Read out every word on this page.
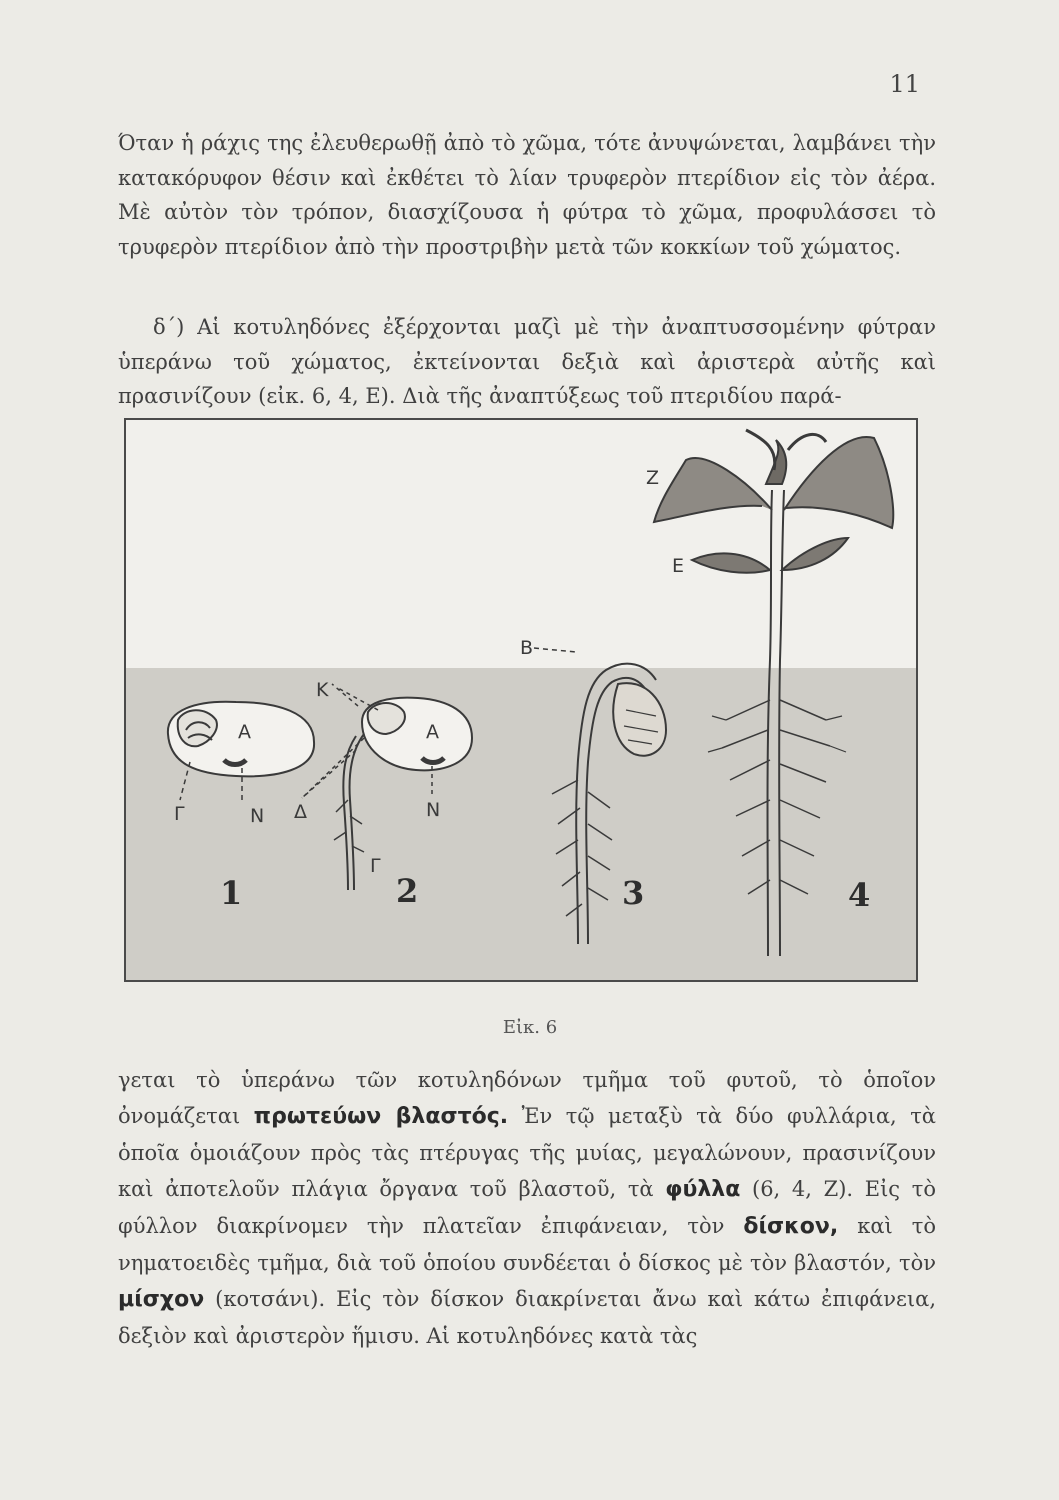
11

Όταν ἡ ράχις της ἐλευθερωθῇ ἀπὸ τὸ χῶμα, τότε ἀνυψώνεται, λαμβάνει τὴν κατακόρυφον θέσιν καὶ ἐκθέτει τὸ λίαν τρυφερὸν πτερίδιον εἰς τὸν ἀέρα. Μὲ αὐτὸν τὸν τρόπον, διασχίζουσα ἡ φύτρα τὸ χῶμα, προφυλάσσει τὸ τρυφερὸν πτερίδιον ἀπὸ τὴν προστριβὴν μετὰ τῶν κοκκίων τοῦ χώματος.

δ΄) Αἱ κοτυληδόνες ἐξέρχονται μαζὶ μὲ τὴν ἀναπτυσσομένην φύτραν ὑπεράνω τοῦ χώματος, ἐκτείνονται δεξιὰ καὶ ἀριστερὰ αὐτῆς καὶ πρασινίζουν (εἰκ. 6, 4, Ε). Διὰ τῆς ἀναπτύξεως τοῦ πτεριδίου παρά-

Α
Γ	Ν
Α
Δ	Ν
Γ
Κ
Β
Ε
Ζ
1	2	3	4
Εἰκ. 6

γεται τὸ ὑπεράνω τῶν κοτυληδόνων τμῆμα τοῦ φυτοῦ, τὸ ὁποῖον ὀνομάζεται πρωτεύων βλαστός. Ἐν τῷ μεταξὺ τὰ δύο φυλλάρια, τὰ ὁποῖα ὁμοιάζουν πρὸς τὰς πτέρυγας τῆς μυίας, μεγαλώνουν, πρασινίζουν καὶ ἀποτελοῦν πλάγια ὄργανα τοῦ βλαστοῦ, τὰ φύλλα (6, 4, Ζ). Εἰς τὸ φύλλον διακρίνομεν τὴν πλατεῖαν ἐπιφάνειαν, τὸν δίσκον, καὶ τὸ νηματοειδὲς τμῆμα, διὰ τοῦ ὁποίου συνδέεται ὁ δίσκος μὲ τὸν βλαστόν, τὸν μίσχον (κοτσάνι). Εἰς τὸν δίσκον διακρίνεται ἄνω καὶ κάτω ἐπιφάνεια, δεξιὸν καὶ ἀριστερὸν ἥμισυ. Αἱ κοτυληδόνες κατὰ τὰς
